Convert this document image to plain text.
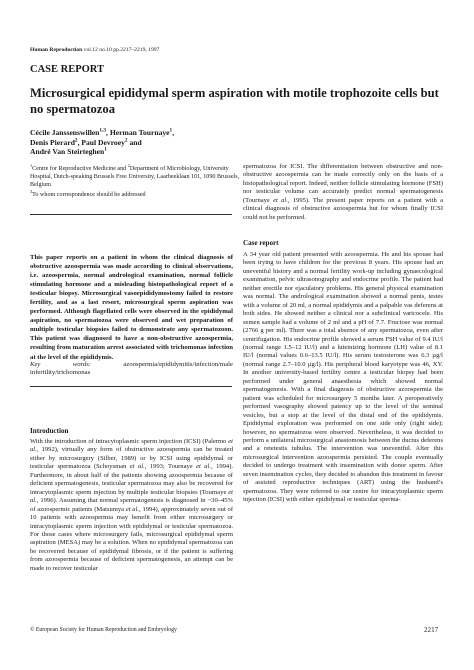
Human Reproduction vol.12 no.10 pp.2217–2219, 1997
CASE REPORT
Microsurgical epididymal sperm aspiration with motile trophozoite cells but no spermatozoa
Cécile Janssenswillen$^{1,3}$, Herman Tournaye$^1$,
Denis Pierard$^2$, Paul Devroey$^2$ and
André Van Steirteghen$^1$
$^1$Centre for Reproductive Medicine and $^2$Department of Microbiology, University Hospital, Dutch-speaking Brussels Free University, Laarbeeklaan 101, 1090 Brussels, Belgium
$^3$To whom correspondence should be addressed

This paper reports on a patient in whom the clinical diagnosis of obstructive azoospermia was made according to clinical observations, i.e. azoospermia, normal andrological examination, normal follicle stimulating hormone and a misleading histopathological report of a testicular biopsy. Microsurgical vasoepididymostomy failed to restore fertility, and as a last resort, microsurgical sperm aspiration was performed. Although flagellated cells were observed in the epididymal aspiration, no spermatozoa were observed and wet preparation of multiple testicular biopsies failed to demonstrate any spermatozoon. This patient was diagnosed to have a non-obstructive azoospermia, resulting from maturation arrest associated with trichomonas infection at the level of the epididymis.

Key words: azoospermia/epididymitis/infection/male infertility/trichomonas

Introduction

With the introduction of intracytoplasmic sperm injection (ICSI) (Palermo et al., 1992), virtually any form of obstructive azoospermia can be treated either by microsurgery (Silber, 1989) or by ICSI using epididymal or testicular spermatozoa (Schoysman et al., 1993; Tournaye et al., 1994). Furthermore, in about half of the patients showing azoospermia because of deficient spermatogenesis, testicular spermatozoa may also be recovered for intracytoplasmic sperm injection by multiple testicular biopsies (Tournaye et al., 1996). Assuming that normal spermatogenesis is diagnosed in ~30–45% of azoospermic patients (Matsumya et al., 1994), approximately seven out of 10 patients with azoospermia may benefit from either microsurgery or intracytoplasmic sperm injection with epididymal or testicular spermatozoa. For those cases where microsurgery fails, microsurgical epididymal sperm aspiration (MESA) may be a solution. When no epididymal spermatozoa can be recovered because of epididymal fibrosis, or if the patient is suffering from azoospermia because of deficient spermatogenesis, an attempt can be made to recover testicular

spermatozoa for ICSI. The differentiation between obstructive and non-obstructive azoospermia can be made correctly only on the basis of a histopathological report. Indeed, neither follicle stimulating hormone (FSH) nor testicular volume can accurately predict normal spermatogenesis (Tournaye et al., 1995). The present paper reports on a patient with a clinical diagnosis of obstructive azoospermia but for whom finally ICSI could not be performed.

Case report

A 34 year old patient presented with azoospermia. He and his spouse had been trying to have children for the previous 8 years. His spouse had an uneventful history and a normal fertility work-up including gynaecological examination, pelvic ultrasonography and endocrine profile. The patient had neither erectile nor ejaculatory problems. His general physical examination was normal. The andrological examination showed a normal penis, testes with a volume of 20 ml, a normal epididymis and a palpable vas deferens at both sides. He showed neither a clinical nor a subclinical varicocele. His semen sample had a volume of 2 ml and a pH of 7.7. Fructose was normal (2766 g per ml). There was a total absence of any spermatozoa, even after centrifugation. His endocrine profile showed a serum FSH value of 9.4 IU/l (normal range 1.5–12 IU/l) and a luteinizing hormone (LH) value of 8.1 IU/l (normal values 0.6–13.5 IU/l). His serum testosterone was 6.3 µg/l (normal range 2.7–10.0 µg/l). His peripheral blood karyotype was 46, XY. In another university-based fertility centre a testicular biopsy had been performed under general anaesthesia which showed normal spermatogenesis. With a final diagnosis of obstructive azoospermia the patient was scheduled for microsurgery 5 months later. A peroperatively performed vasography showed patency up to the level of the seminal vesicles, but a stop at the level of the distal end of the epididymis. Epididymal exploration was performed on one side only (right side); however, no spermatozoa were observed. Nevertheless, it was decided to perform a unilateral microsurgical anastomosis between the ductus deferens and a retetestis tubulus. The intervention was uneventful. After this microsurgical intervention azoospermia persisted. The couple eventually decided to undergo treatment with insemination with donor sperm. After seven insemination cycles, they decided to abandon this treatment in favour of assisted reproductive techniques (ART) using the husband’s spermatozoa. They were referred to our centre for intracytoplasmic sperm injection (ICSI) with either epididymal or testicular sperma-

© European Society for Human Reproduction and Embryology	2217
